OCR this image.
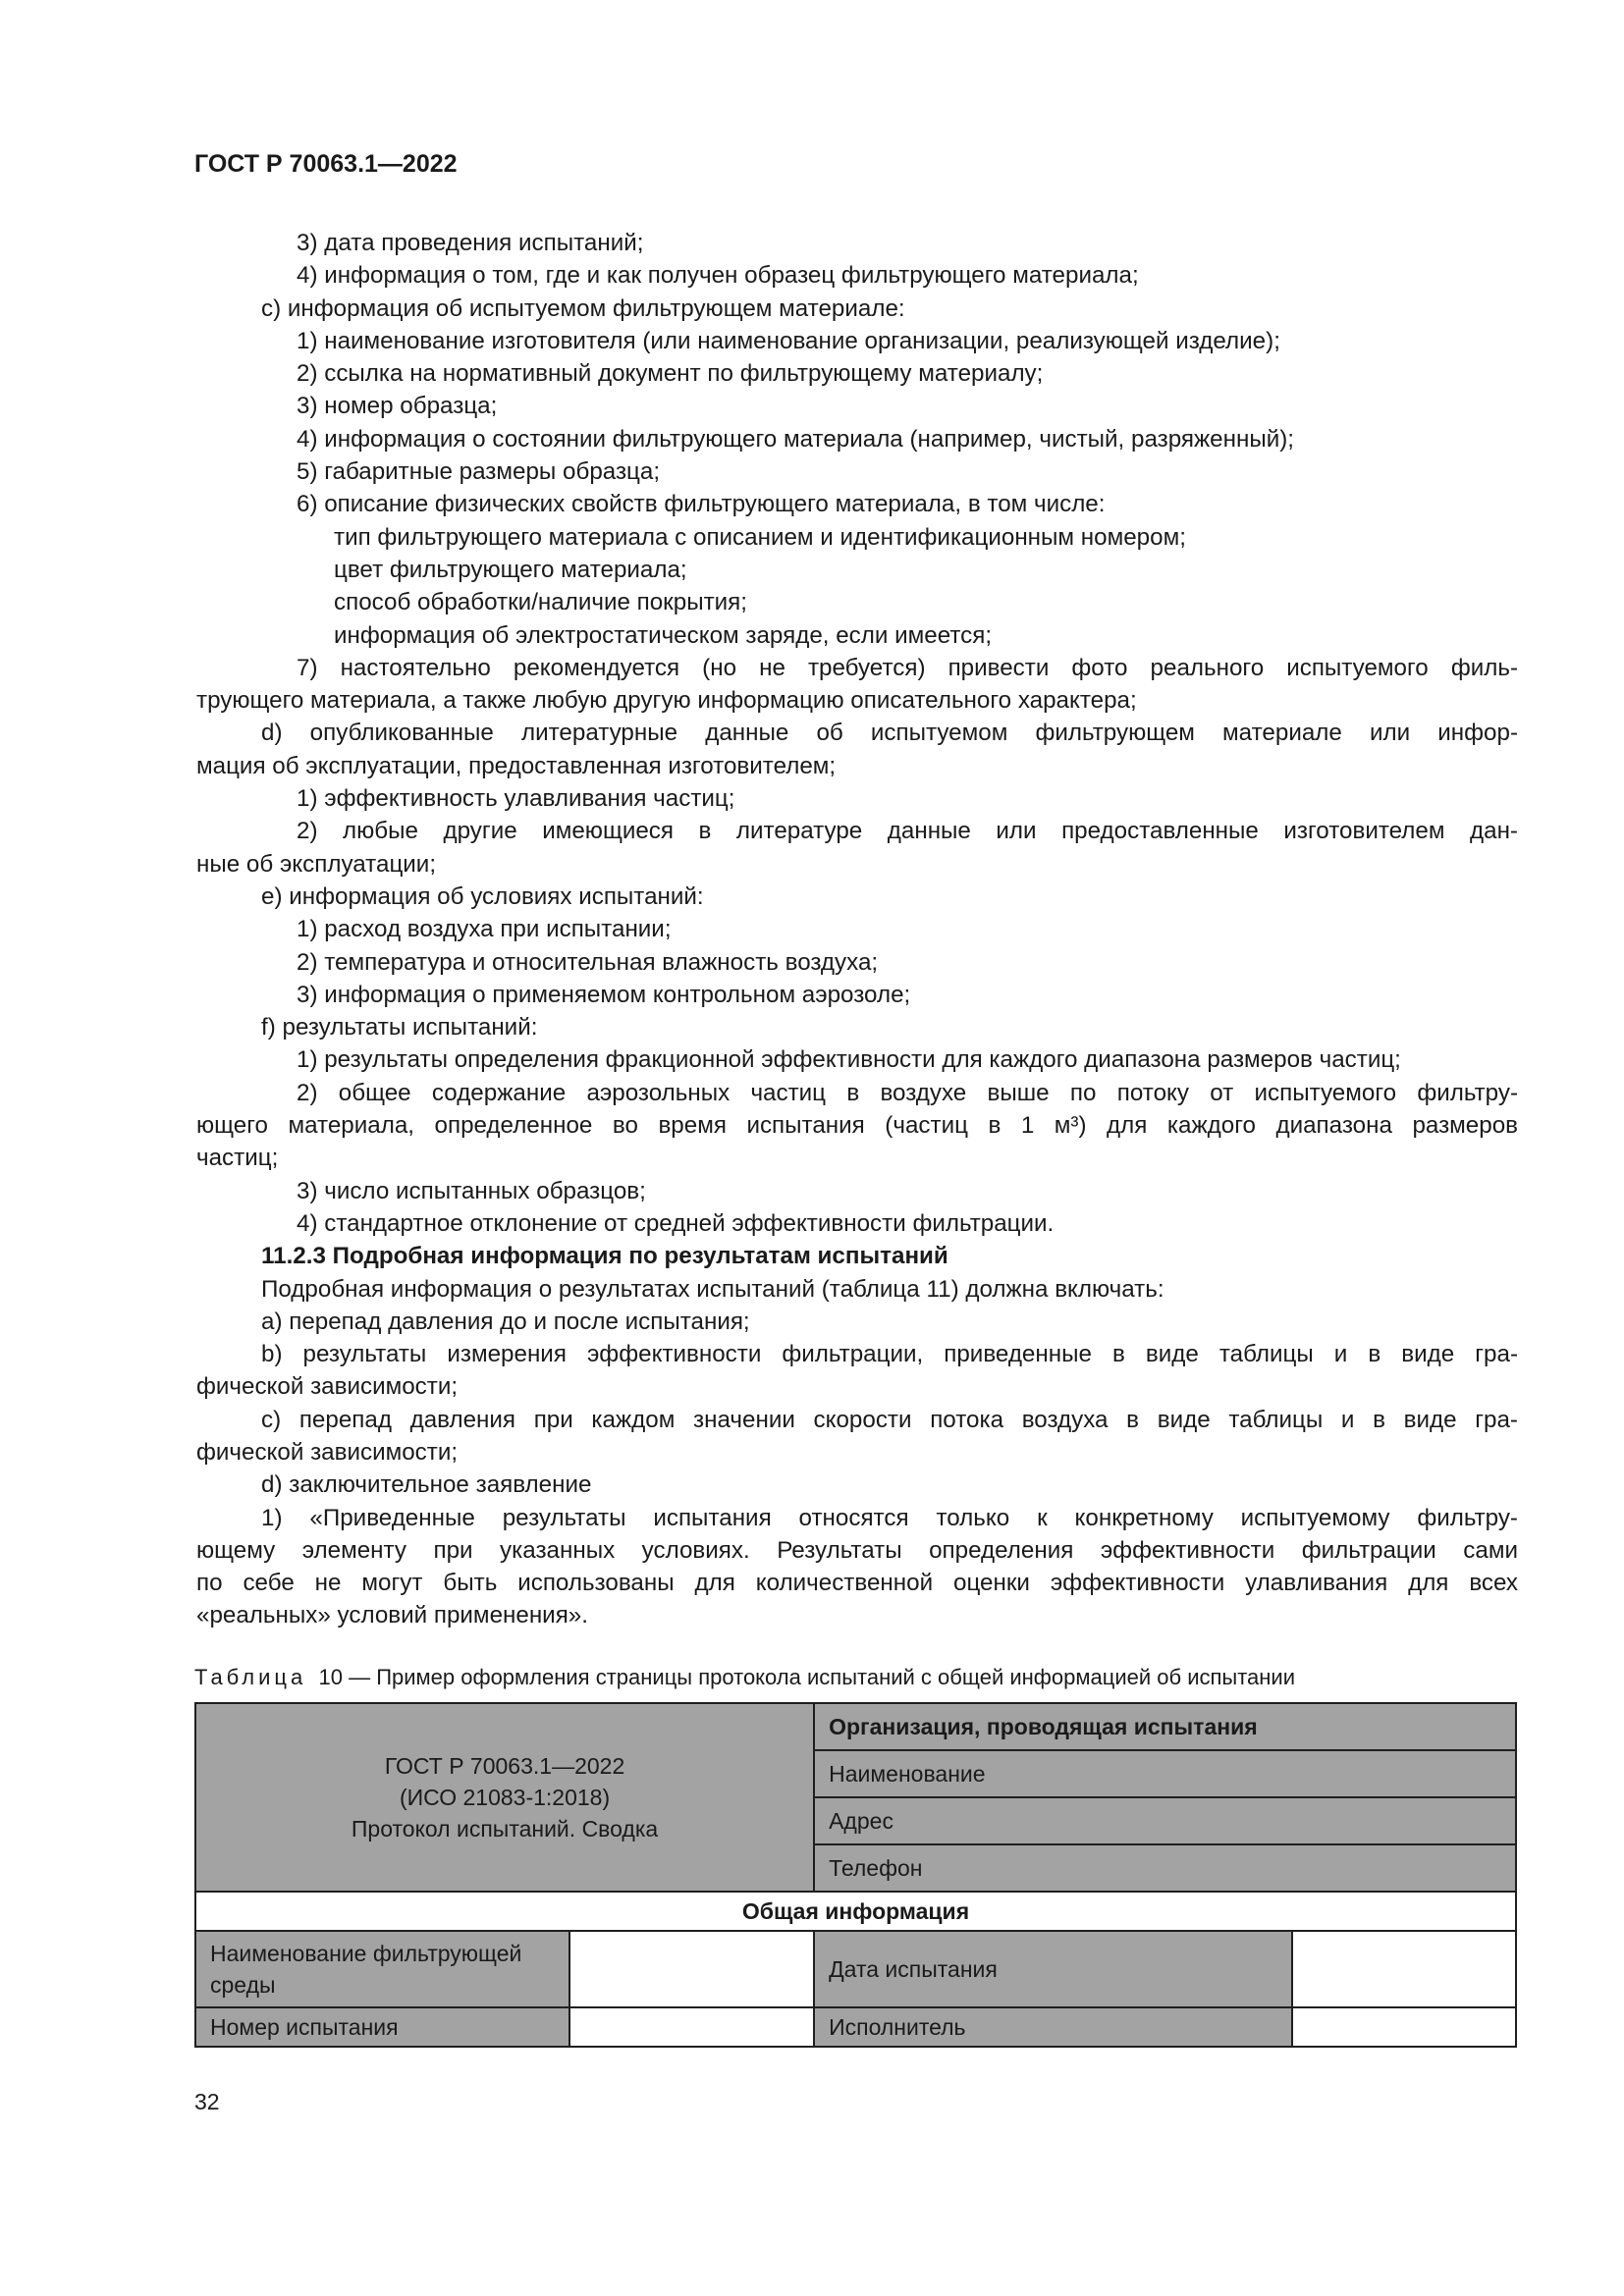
ГОСТ Р 70063.1—2022
3) дата проведения испытаний;
4) информация о том, где и как получен образец фильтрующего материала;
c) информация об испытуемом фильтрующем материале:
1) наименование изготовителя (или наименование организации, реализующей изделие);
2) ссылка на нормативный документ по фильтрующему материалу;
3) номер образца;
4) информация о состоянии фильтрующего материала (например, чистый, разряженный);
5) габаритные размеры образца;
6) описание физических свойств фильтрующего материала, в том числе:
тип фильтрующего материала с описанием и идентификационным номером;
цвет фильтрующего материала;
способ обработки/наличие покрытия;
информация об электростатическом заряде, если имеется;
7) настоятельно рекомендуется (но не требуется) привести фото реального испытуемого филь-
трующего материала, а также любую другую информацию описательного характера;
d) опубликованные литературные данные об испытуемом фильтрующем материале или инфор-
мация об эксплуатации, предоставленная изготовителем;
1) эффективность улавливания частиц;
2) любые другие имеющиеся в литературе данные или предоставленные изготовителем дан-
ные об эксплуатации;
e) информация об условиях испытаний:
1) расход воздуха при испытании;
2) температура и относительная влажность воздуха;
3) информация о применяемом контрольном аэрозоле;
f) результаты испытаний:
1) результаты определения фракционной эффективности для каждого диапазона размеров частиц;
2) общее содержание аэрозольных частиц в воздухе выше по потоку от испытуемого фильтру-
ющего материала, определенное во время испытания (частиц в 1 м³) для каждого диапазона размеров
частиц;
3) число испытанных образцов;
4) стандартное отклонение от средней эффективности фильтрации.
11.2.3 Подробная информация по результатам испытаний
Подробная информация о результатах испытаний (таблица 11) должна включать:
a) перепад давления до и после испытания;
b) результаты измерения эффективности фильтрации, приведенные в виде таблицы и в виде гра-
фической зависимости;
c) перепад давления при каждом значении скорости потока воздуха в виде таблицы и в виде гра-
фической зависимости;
d) заключительное заявление
1) «Приведенные результаты испытания относятся только к конкретному испытуемому фильтру-
ющему элементу при указанных условиях. Результаты определения эффективности фильтрации сами
по себе не могут быть использованы для количественной оценки эффективности улавливания для всех
«реальных» условий применения».
Таблица 10 — Пример оформления страницы протокола испытаний с общей информацией об испытании
ГОСТ Р 70063.1—2022
(ИСО 21083-1:2018)
Протокол испытаний. Сводка		Организация, проводящая испытания	
		Наименование	
		Адрес	
		Телефон	
Общая информация			
Наименование фильтрующей среды		Дата испытания	
Номер испытания		Исполнитель	
32
